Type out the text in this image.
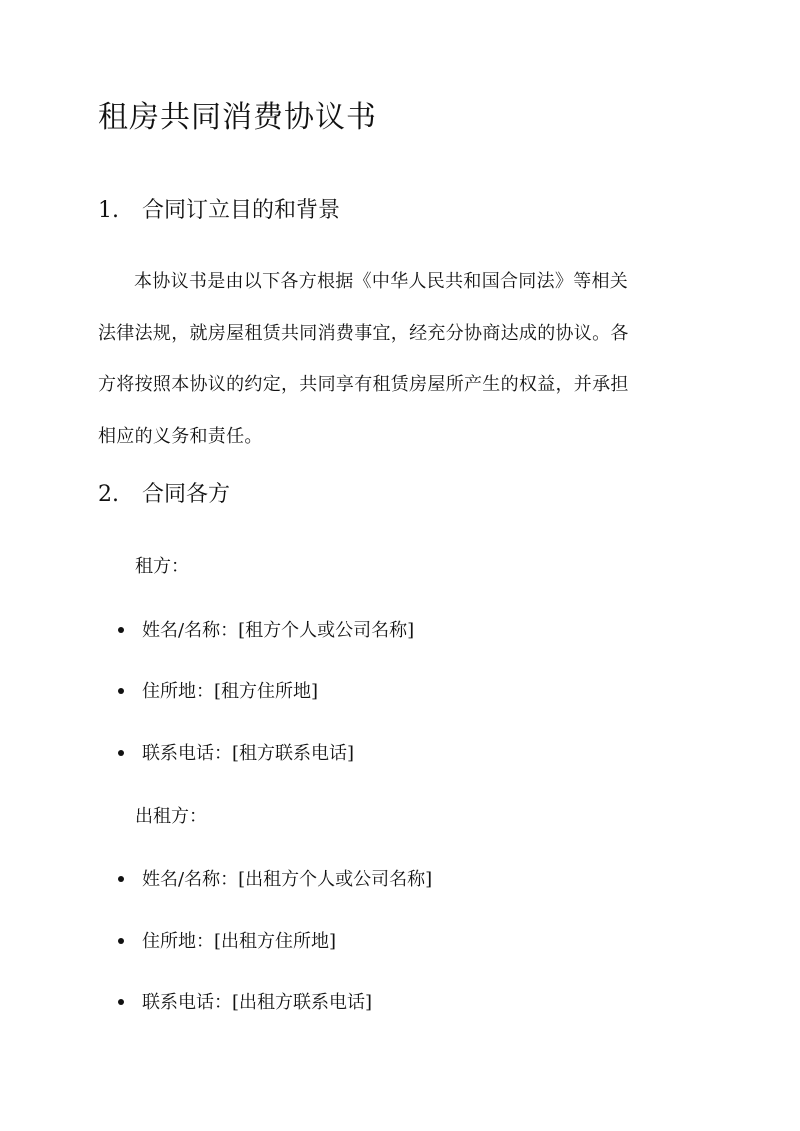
租房共同消费协议书
1. 合同订立目的和背景

本协议书是由以下各方根据《中华人民共和国合同法》等相关
法律法规，就房屋租赁共同消费事宜，经充分协商达成的协议。各
方将按照本协议的约定，共同享有租赁房屋所产生的权益，并承担
相应的义务和责任。

2. 合同各方

租方：

姓名/名称：[租方个人或公司名称]
住所地：[租方住所地]
联系电话：[租方联系电话]

出租方：

姓名/名称：[出租方个人或公司名称]
住所地：[出租方住所地]
联系电话：[出租方联系电话]
